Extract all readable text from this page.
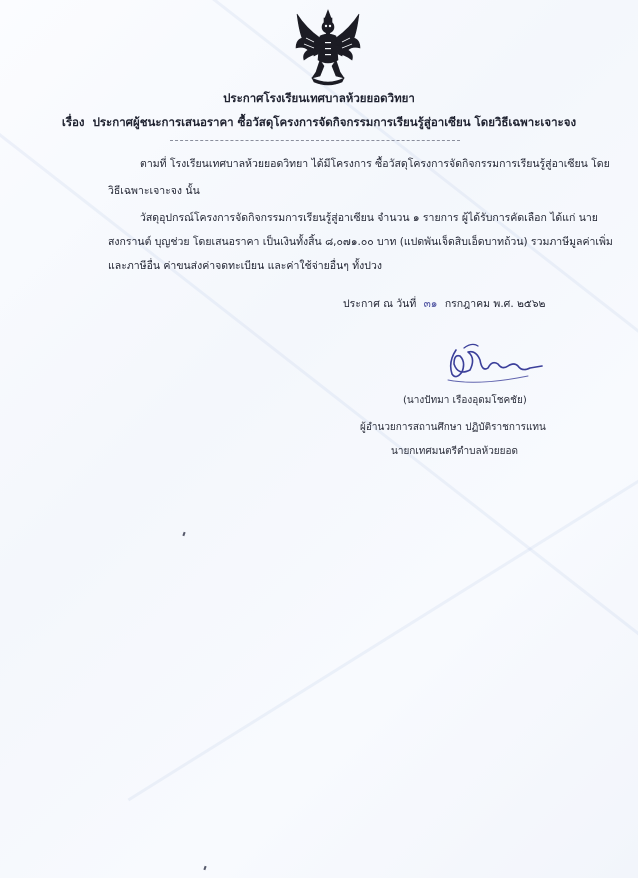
ประกาศโรงเรียนเทศบาลห้วยยอดวิทยา
เรื่อง ประกาศผู้ชนะการเสนอราคา ซื้อวัสดุโครงการจัดกิจกรรมการเรียนรู้สู่อาเซียน โดยวิธีเฉพาะเจาะจง
ตามที่ โรงเรียนเทศบาลห้วยยอดวิทยา ได้มีโครงการ ซื้อวัสดุโครงการจัดกิจกรรมการเรียนรู้สู่อาเซียน โดย
วิธีเฉพาะเจาะจง นั้น
วัสดุอุปกรณ์โครงการจัดกิจกรรมการเรียนรู้สู่อาเซียน จำนวน ๑ รายการ ผู้ได้รับการคัดเลือก ได้แก่ นาย
สงกรานต์ บุญช่วย โดยเสนอราคา เป็นเงินทั้งสิ้น ๘,๐๗๑.๐๐ บาท (แปดพันเจ็ดสิบเอ็ดบาทถ้วน) รวมภาษีมูลค่าเพิ่ม
และภาษีอื่น ค่าขนส่งค่าจดทะเบียน และค่าใช้จ่ายอื่นๆ ทั้งปวง
ประกาศ ณ วันที่ ๓๑ กรกฎาคม พ.ศ. ๒๕๖๒
(นางปัทมา เรืองอุดมโชคชัย)
ผู้อำนวยการสถานศึกษา ปฏิบัติราชการแทน
นายกเทศมนตรีตำบลห้วยยอด
